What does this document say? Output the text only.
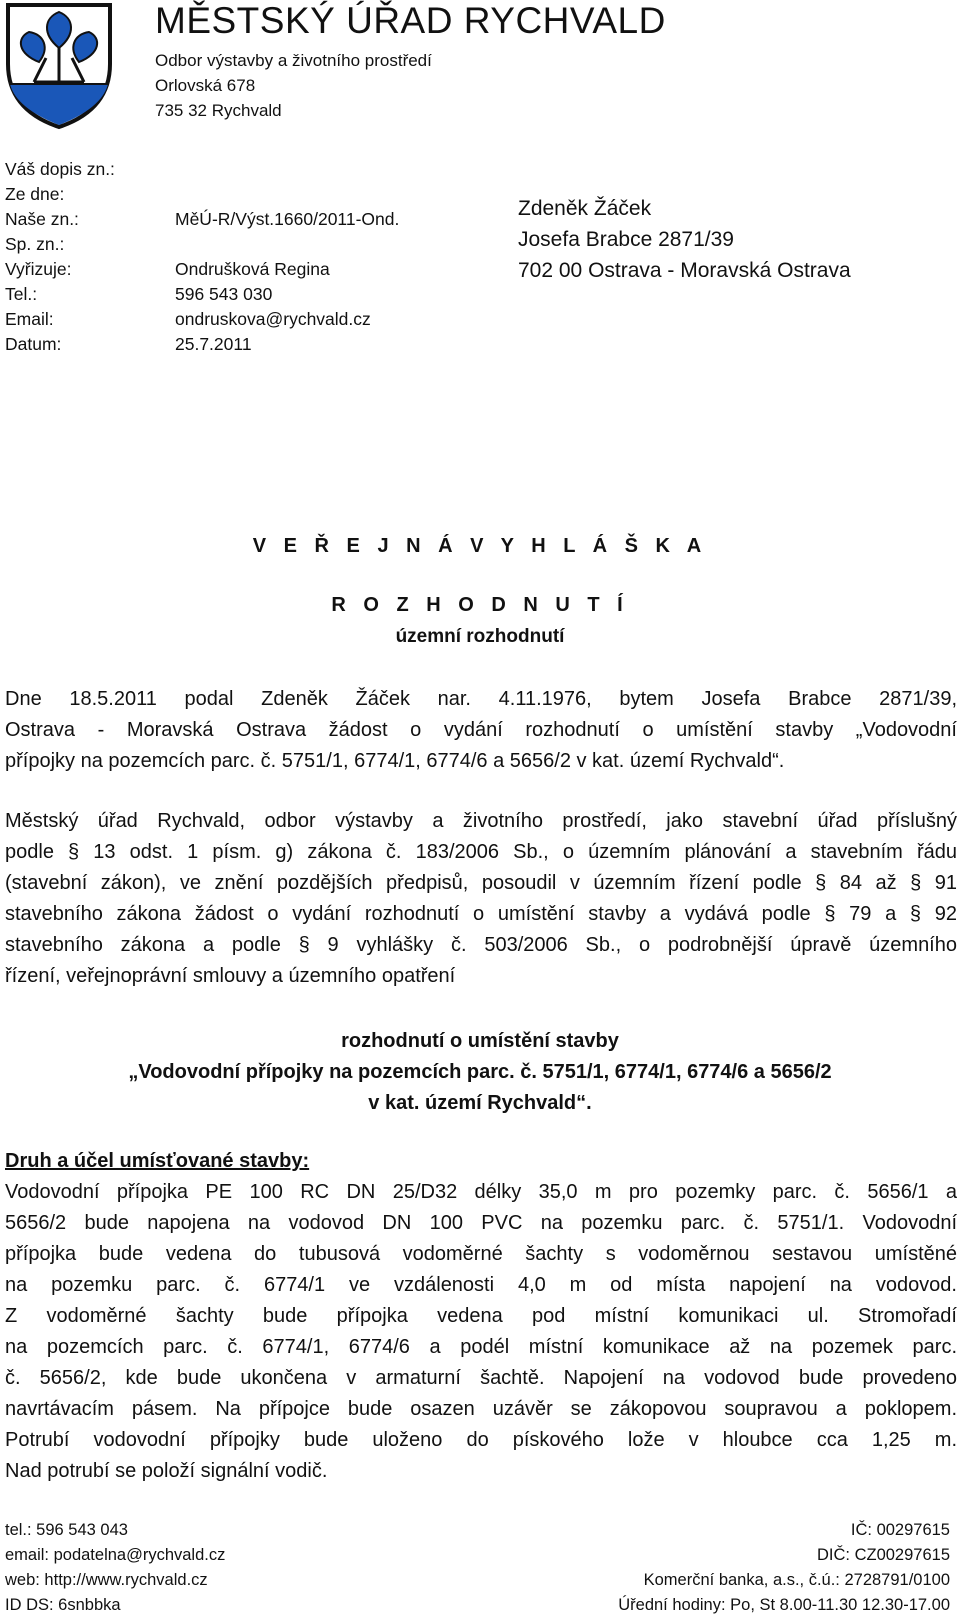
MĚSTSKÝ ÚŘAD RYCHVALD
Odbor výstavby a životního prostředí
Orlovská 678
735 32 Rychvald
Váš dopis zn.:
Ze dne:
Naše zn.:	MěÚ-R/Výst.1660/2011-Ond.
Sp. zn.:
Vyřizuje:	Ondrušková Regina
Tel.:	596 543 030
Email:	ondruskova@rychvald.cz
Datum:	25.7.2011
Zdeněk Žáček
Josefa Brabce 2871/39
702 00 Ostrava - Moravská Ostrava
V E Ř E J N Á V Y H L Á Š K A
R O Z H O D N U T Í
územní rozhodnutí
Dne 18.5.2011 podal Zdeněk Žáček nar. 4.11.1976, bytem Josefa Brabce 2871/39,
Ostrava - Moravská Ostrava žádost o vydání rozhodnutí o umístění stavby „Vodovodní
přípojky na pozemcích parc. č. 5751/1, 6774/1, 6774/6 a 5656/2 v kat. území Rychvald“.
Městský úřad Rychvald, odbor výstavby a životního prostředí, jako stavební úřad příslušný
podle § 13 odst. 1 písm. g) zákona č. 183/2006 Sb., o územním plánování a stavebním řádu
(stavební zákon), ve znění pozdějších předpisů, posoudil v územním řízení podle § 84 až § 91
stavebního zákona žádost o vydání rozhodnutí o umístění stavby a vydává podle § 79 a § 92
stavebního zákona a podle § 9 vyhlášky č. 503/2006 Sb., o podrobnější úpravě územního
řízení, veřejnoprávní smlouvy a územního opatření
rozhodnutí o umístění stavby
„Vodovodní přípojky na pozemcích parc. č. 5751/1, 6774/1, 6774/6 a 5656/2
v kat. území Rychvald“.
Druh a účel umísťované stavby:
Vodovodní přípojka PE 100 RC DN 25/D32 délky 35,0 m pro pozemky parc. č. 5656/1 a
5656/2 bude napojena na vodovod DN 100 PVC na pozemku parc. č. 5751/1. Vodovodní
přípojka bude vedena do tubusová vodoměrné šachty s vodoměrnou sestavou umístěné
na pozemku parc. č. 6774/1 ve vzdálenosti 4,0 m od místa napojení na vodovod.
Z vodoměrné šachty bude přípojka vedena pod místní komunikaci ul. Stromořadí
na pozemcích parc. č. 6774/1, 6774/6 a podél místní komunikace až na pozemek parc.
č. 5656/2, kde bude ukončena v armaturní šachtě. Napojení na vodovod bude provedeno
navrtávacím pásem. Na přípojce bude osazen uzávěr se zákopovou soupravou a poklopem.
Potrubí vodovodní přípojky bude uloženo do pískového lože v hloubce cca 1,25 m.
Nad potrubí se položí signální vodič.
tel.: 596 543 043
email: podatelna@rychvald.cz
web: http://www.rychvald.cz
ID DS: 6snbbka
IČ: 00297615
DIČ: CZ00297615
Komerční banka, a.s., č.ú.: 2728791/0100
Úřední hodiny: Po, St 8.00-11.30 12.30-17.00
